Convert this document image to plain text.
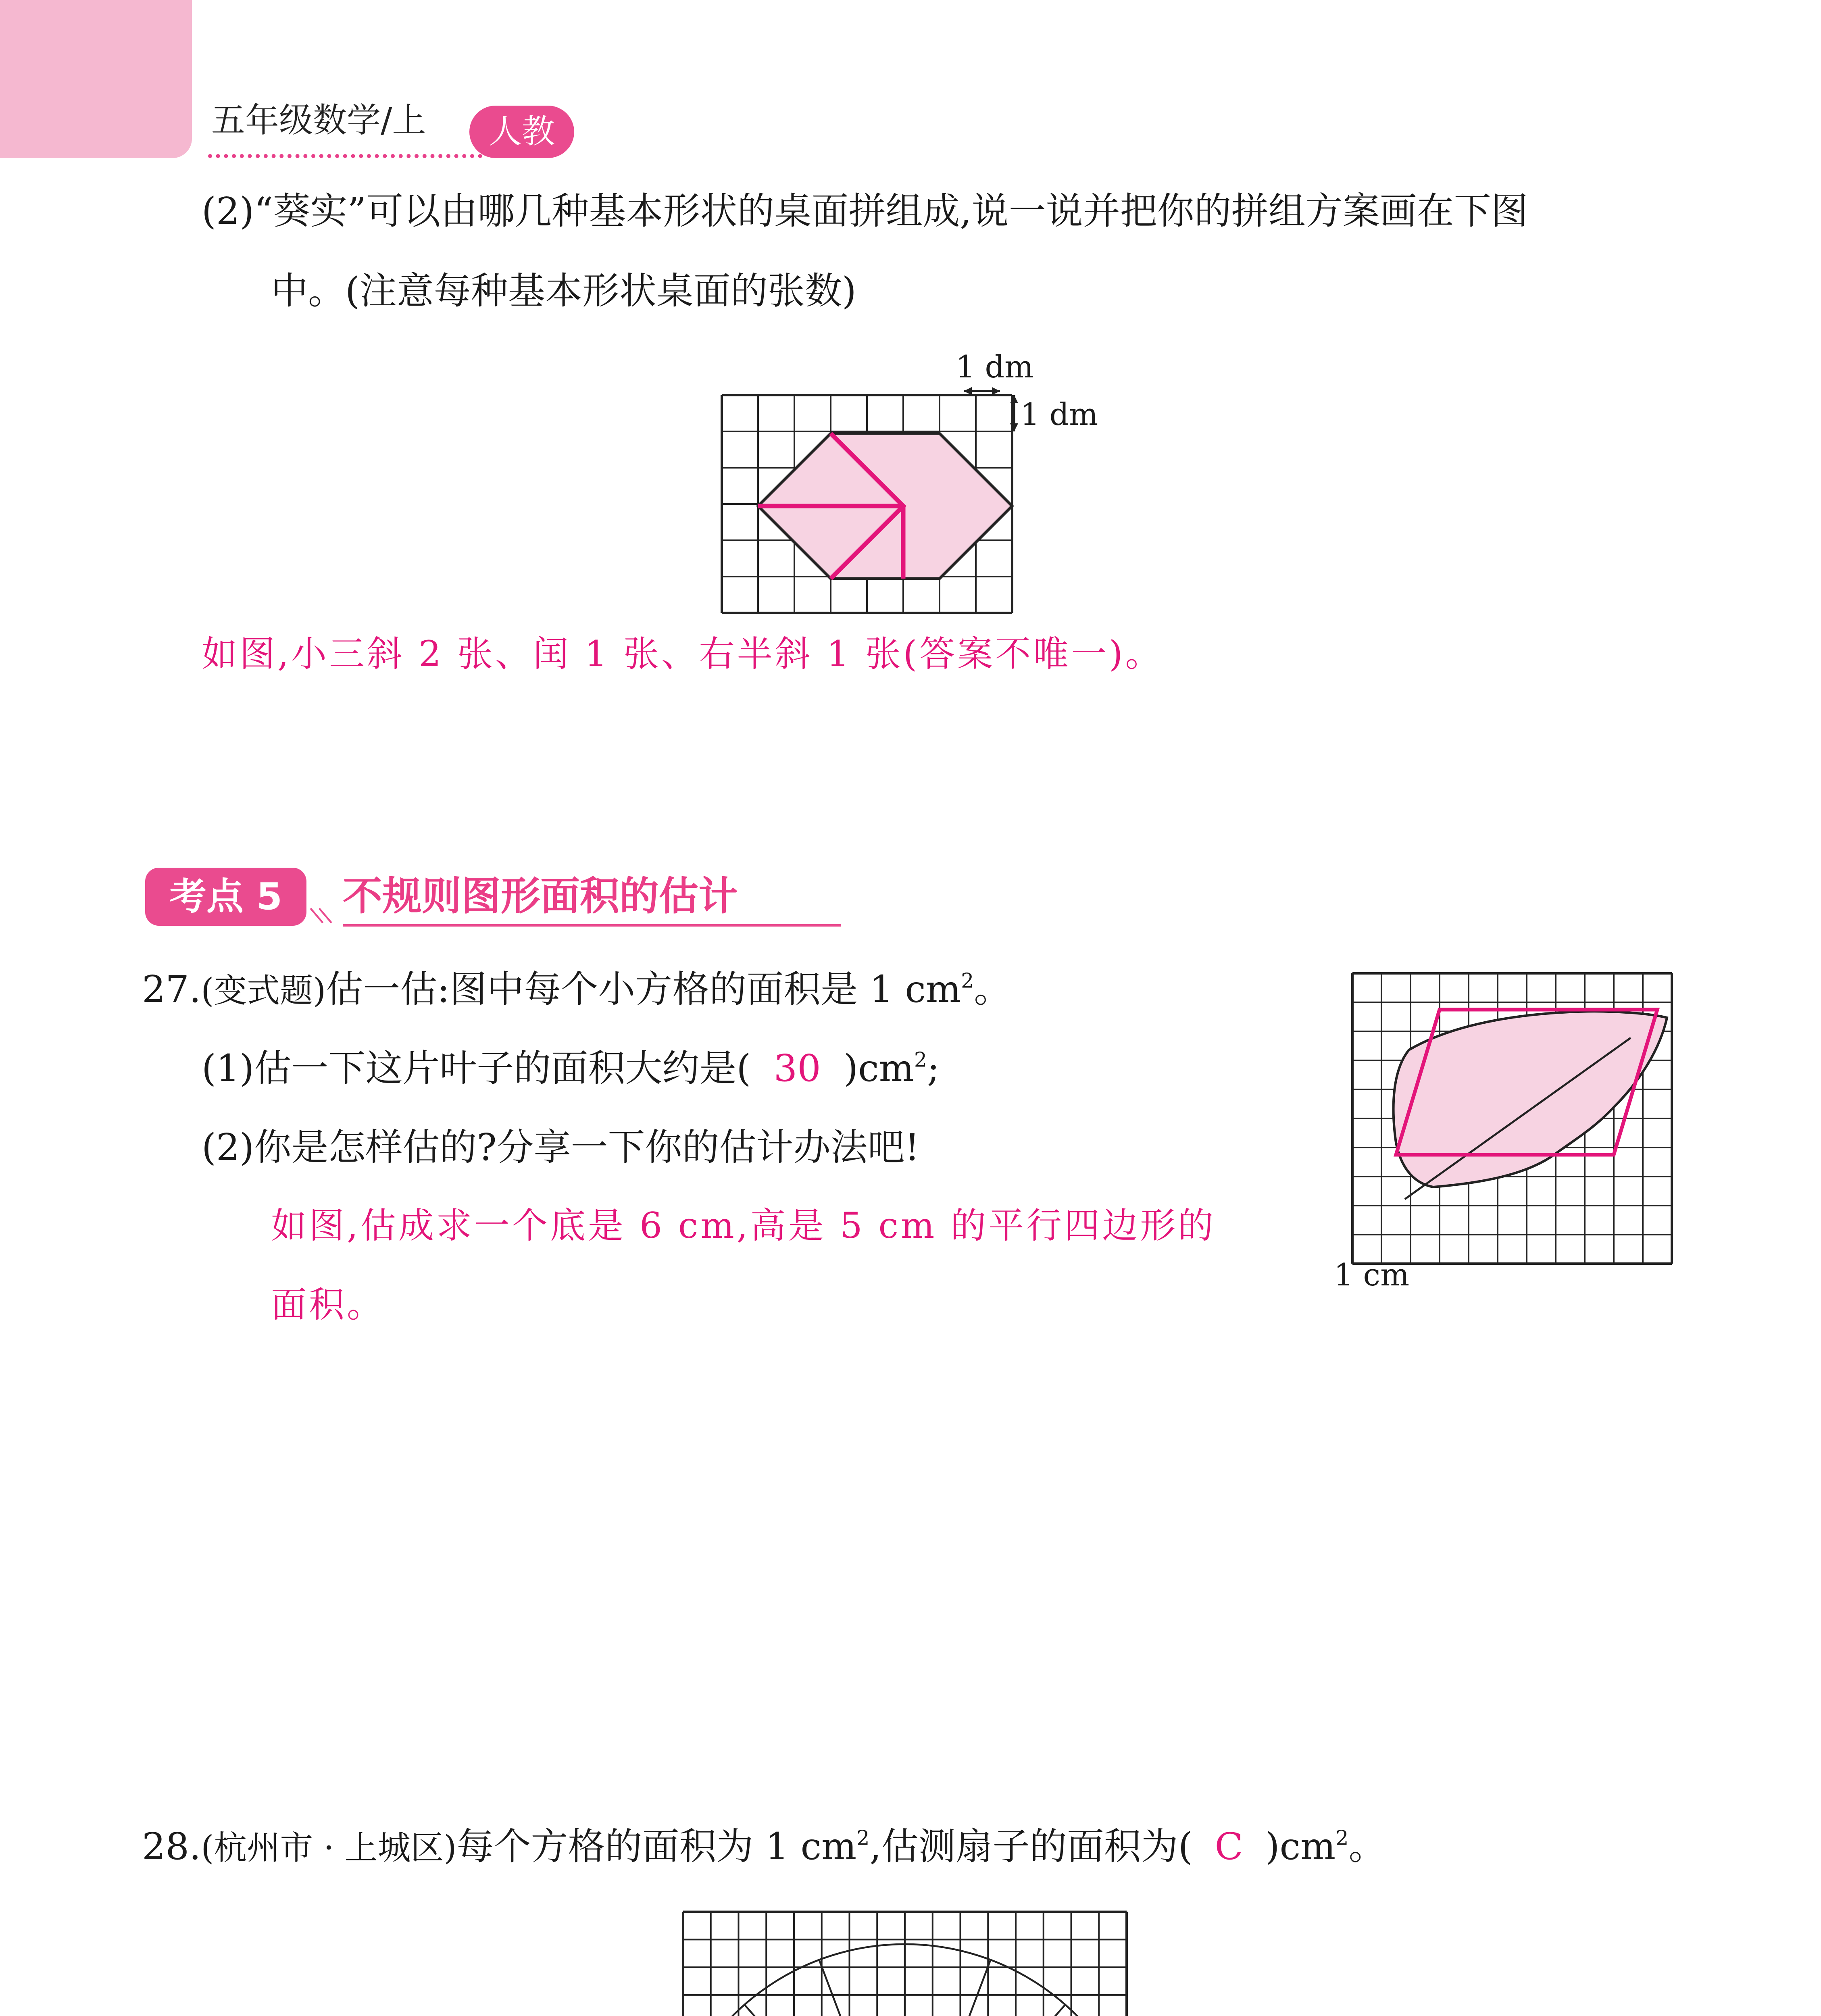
五年级数学/上	人教
(2)“葵实”可以由哪几种基本形状的桌面拼组成,说一说并把你的拼组方案画在下图
中。(注意每种基本形状桌面的张数)
1 dm
1 dm
如图,小三斜 2 张、闰 1 张、右半斜 1 张(答案不唯一)。
考点 5	不规则图形面积的估计
27.(变式题)估一估:图中每个小方格的面积是 1 $cm^2$。
(1)估一下这片叶子的面积大约是( 30 )$cm^2$;
(2)你是怎样估的?分享一下你的估计办法吧!
如图,估成求一个底是 6 cm,高是 5 cm 的平行四边形的
面积。
1 cm
28.(杭州市 · 上城区)每个方格的面积为 1 $cm^2$,估测扇子的面积为( C )$cm^2$。
